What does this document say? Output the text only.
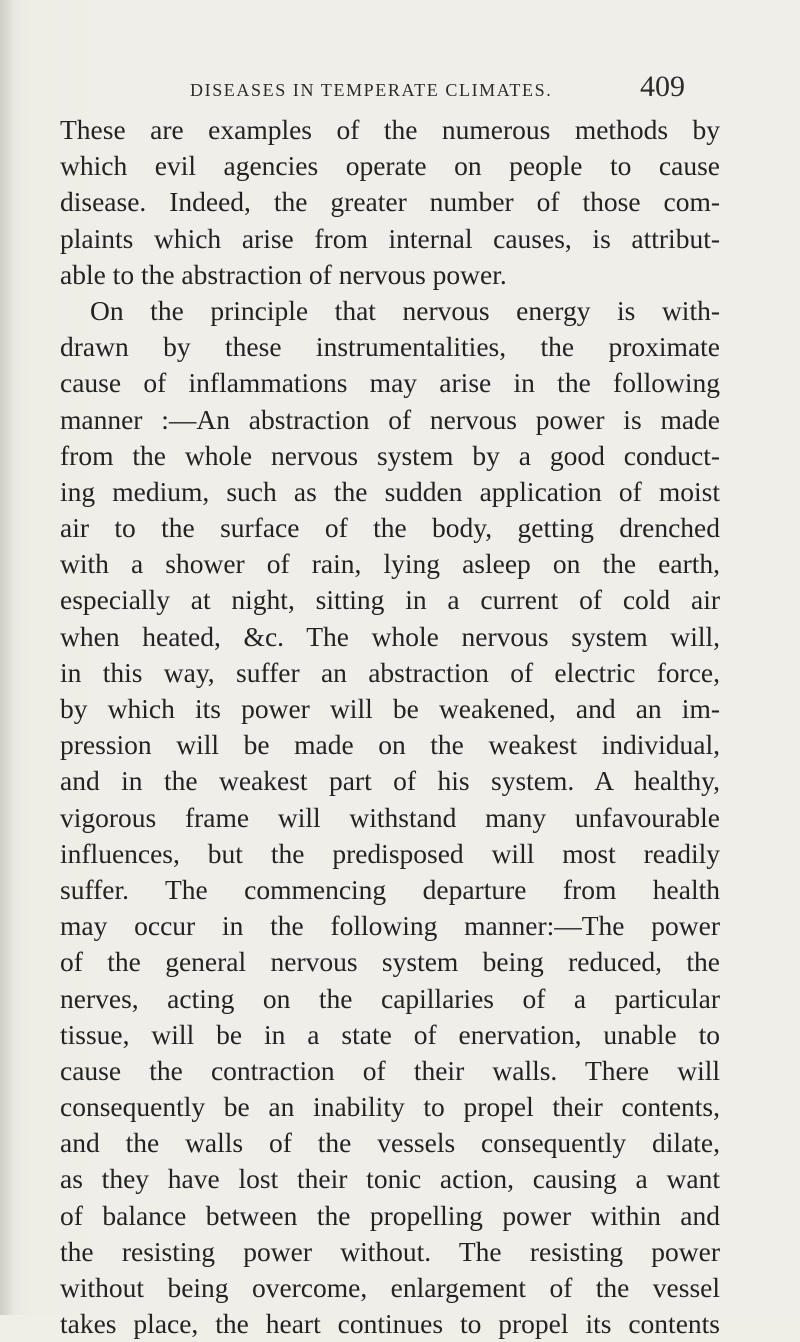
DISEASES IN TEMPERATE CLIMATES.	409
These are examples of the numerous methods by
which evil agencies operate on people to cause
disease. Indeed, the greater number of those com-
plaints which arise from internal causes, is attribut-
able to the abstraction of nervous power.
On the principle that nervous energy is with-
drawn by these instrumentalities, the proximate
cause of inflammations may arise in the following
manner :—An abstraction of nervous power is made
from the whole nervous system by a good conduct-
ing medium, such as the sudden application of moist
air to the surface of the body, getting drenched
with a shower of rain, lying asleep on the earth,
especially at night, sitting in a current of cold air
when heated, &c. The whole nervous system will,
in this way, suffer an abstraction of electric force,
by which its power will be weakened, and an im-
pression will be made on the weakest individual,
and in the weakest part of his system. A healthy,
vigorous frame will withstand many unfavourable
influences, but the predisposed will most readily
suffer. The commencing departure from health
may occur in the following manner:—The power
of the general nervous system being reduced, the
nerves, acting on the capillaries of a particular
tissue, will be in a state of enervation, unable to
cause the contraction of their walls. There will
consequently be an inability to propel their contents,
and the walls of the vessels consequently dilate,
as they have lost their tonic action, causing a want
of balance between the propelling power within and
the resisting power without. The resisting power
without being overcome, enlargement of the vessel
takes place, the heart continues to propel its contents
